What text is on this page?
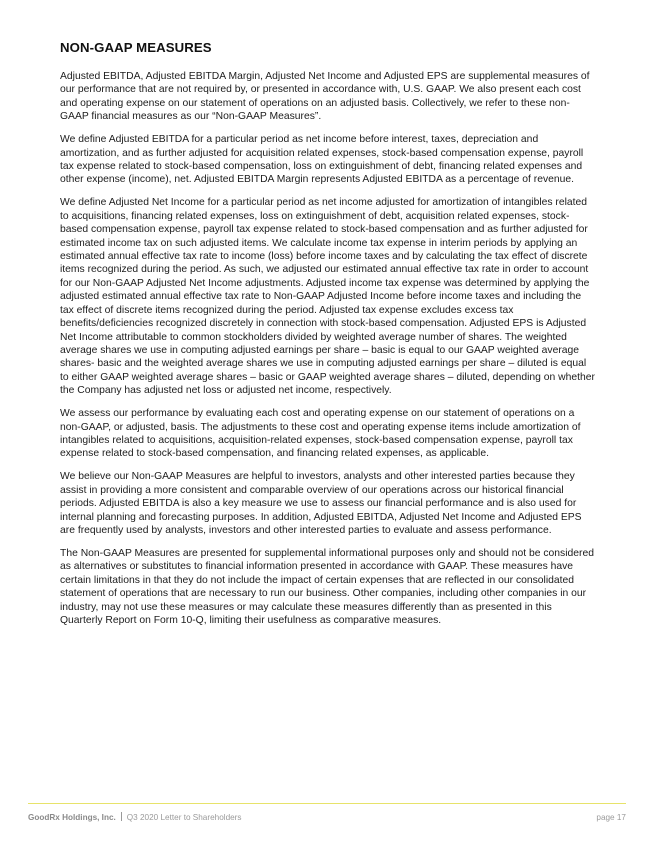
NON-GAAP MEASURES

Adjusted EBITDA, Adjusted EBITDA Margin, Adjusted Net Income and Adjusted EPS are supplemental measures of our performance that are not required by, or presented in accordance with, U.S. GAAP. We also present each cost and operating expense on our statement of operations on an adjusted basis. Collectively, we refer to these non-GAAP financial measures as our “Non-GAAP Measures”.

We define Adjusted EBITDA for a particular period as net income before interest, taxes, depreciation and amortization, and as further adjusted for acquisition related expenses, stock-based compensation expense, payroll tax expense related to stock-based compensation, loss on extinguishment of debt, financing related expenses and other expense (income), net. Adjusted EBITDA Margin represents Adjusted EBITDA as a percentage of revenue.

We define Adjusted Net Income for a particular period as net income adjusted for amortization of intangibles related to acquisitions, financing related expenses, loss on extinguishment of debt, acquisition related expenses, stock-based compensation expense, payroll tax expense related to stock-based compensation and as further adjusted for estimated income tax on such adjusted items. We calculate income tax expense in interim periods by applying an estimated annual effective tax rate to income (loss) before income taxes and by calculating the tax effect of discrete items recognized during the period. As such, we adjusted our estimated annual effective tax rate in order to account for our Non-GAAP Adjusted Net Income adjustments. Adjusted income tax expense was determined by applying the adjusted estimated annual effective tax rate to Non-GAAP Adjusted Income before income taxes and including the tax effect of discrete items recognized during the period. Adjusted tax expense excludes excess tax benefits/deficiencies recognized discretely in connection with stock-based compensation. Adjusted EPS is Adjusted Net Income attributable to common stockholders divided by weighted average number of shares. The weighted average shares we use in computing adjusted earnings per share – basic is equal to our GAAP weighted average shares- basic and the weighted average shares we use in computing adjusted earnings per share – diluted is equal to either GAAP weighted average shares – basic or GAAP weighted average shares – diluted, depending on whether the Company has adjusted net loss or adjusted net income, respectively.

We assess our performance by evaluating each cost and operating expense on our statement of operations on a non-GAAP, or adjusted, basis. The adjustments to these cost and operating expense items include amortization of intangibles related to acquisitions, acquisition-related expenses, stock-based compensation expense, payroll tax expense related to stock-based compensation, and financing related expenses, as applicable.

We believe our Non-GAAP Measures are helpful to investors, analysts and other interested parties because they assist in providing a more consistent and comparable overview of our operations across our historical financial periods. Adjusted EBITDA is also a key measure we use to assess our financial performance and is also used for internal planning and forecasting purposes. In addition, Adjusted EBITDA, Adjusted Net Income and Adjusted EPS are frequently used by analysts, investors and other interested parties to evaluate and assess performance.

The Non-GAAP Measures are presented for supplemental informational purposes only and should not be considered as alternatives or substitutes to financial information presented in accordance with GAAP. These measures have certain limitations in that they do not include the impact of certain expenses that are reflected in our consolidated statement of operations that are necessary to run our business. Other companies, including other companies in our industry, may not use these measures or may calculate these measures differently than as presented in this Quarterly Report on Form 10-Q, limiting their usefulness as comparative measures.

GoodRx Holdings, Inc. Q3 2020 Letter to Shareholders	page 17
